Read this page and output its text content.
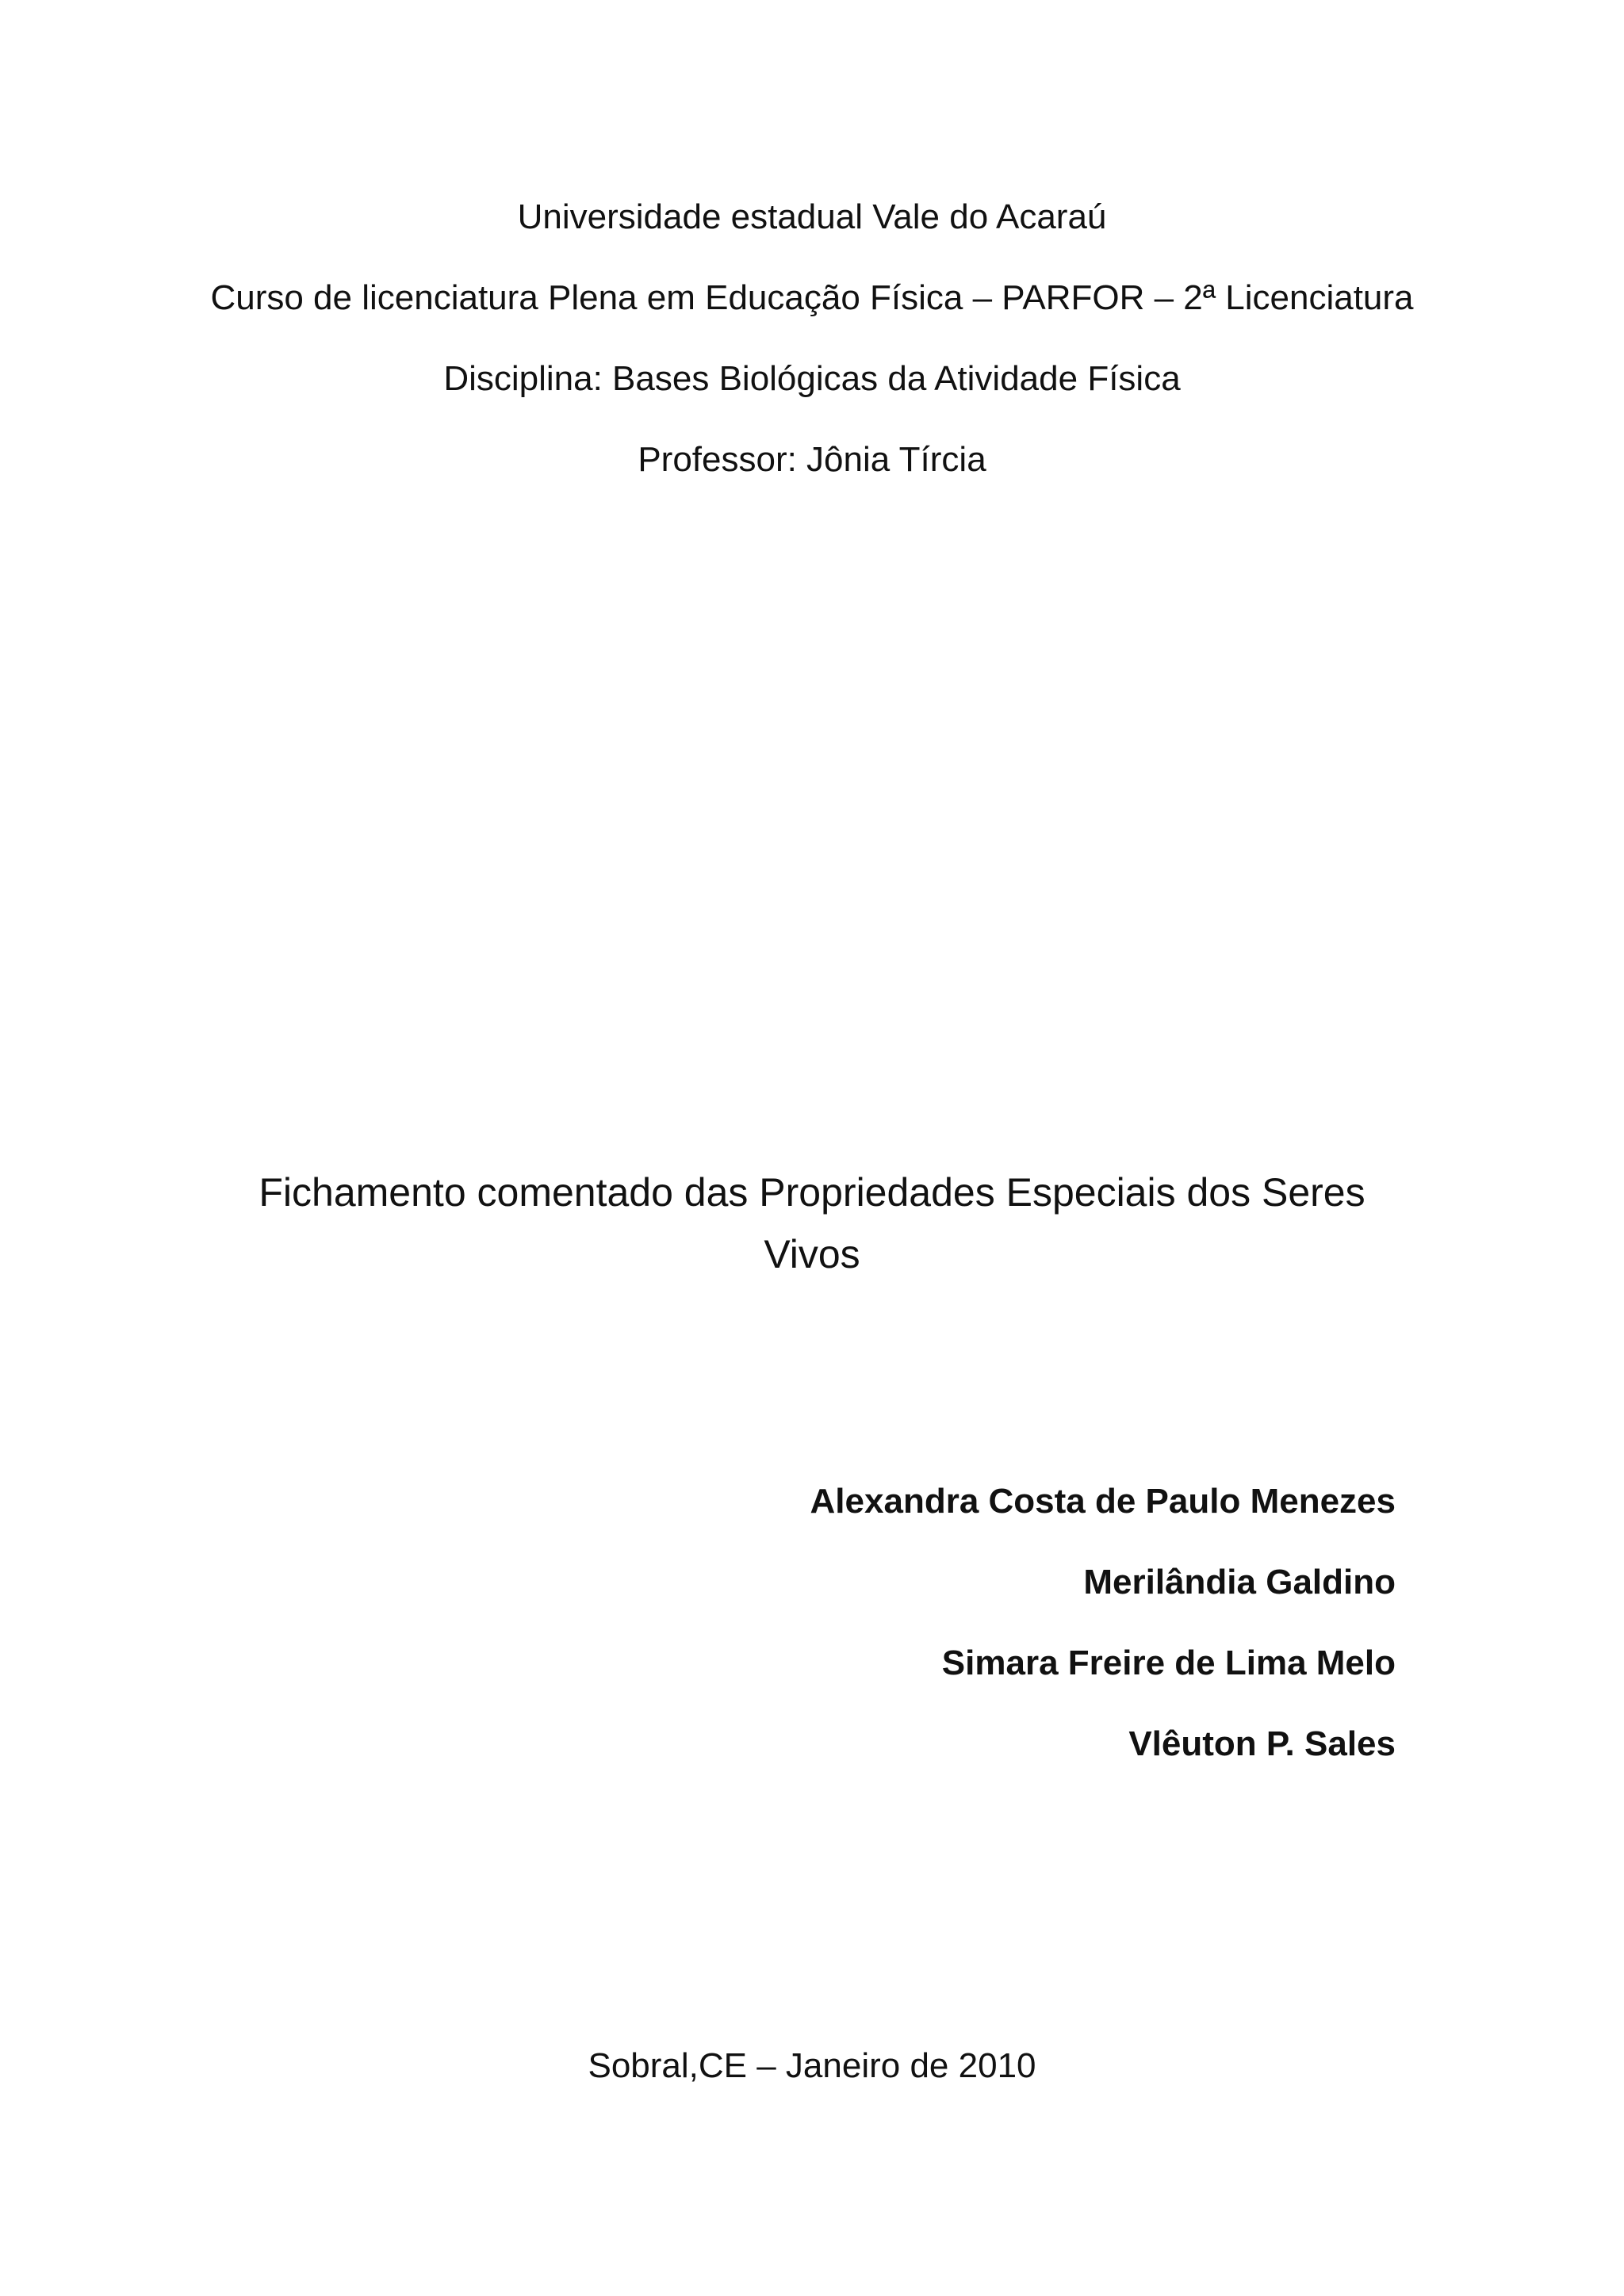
Universidade estadual Vale do Acaraú
Curso de licenciatura Plena em Educação Física – PARFOR – 2ª Licenciatura
Disciplina: Bases Biológicas da Atividade Física
Professor: Jônia Tírcia
Fichamento comentado das Propriedades Especiais dos Seres
Vivos
Alexandra Costa de Paulo Menezes
Merilândia Galdino
Simara Freire de Lima Melo
Vlêuton P. Sales
Sobral,CE – Janeiro de 2010
